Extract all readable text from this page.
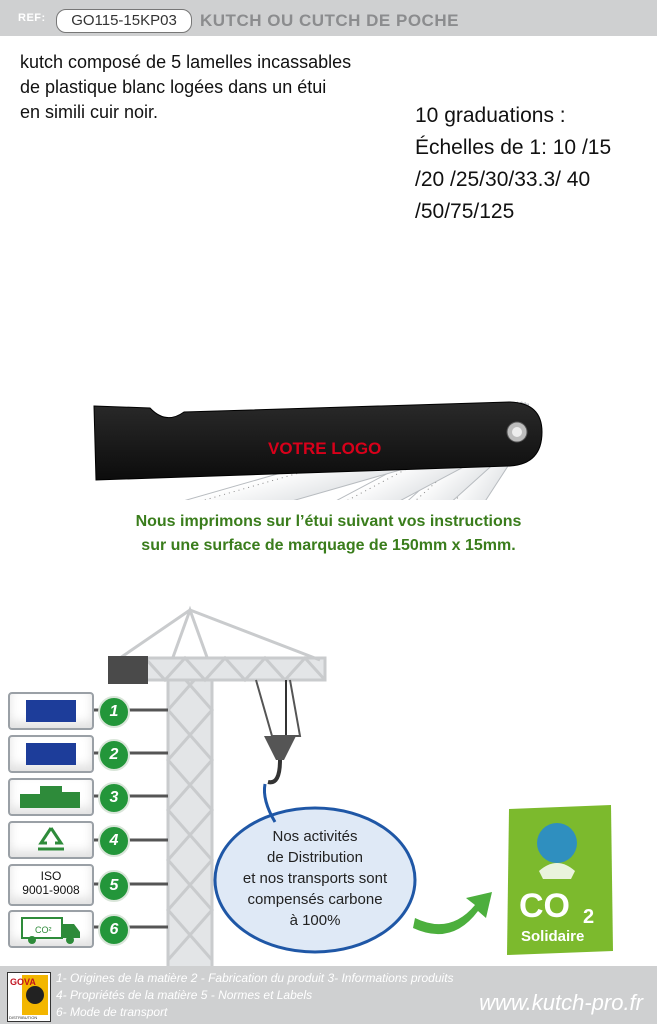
REF:	GO115-15KP03	KUTCH OU CUTCH DE POCHE
kutch composé de 5 lamelles incassables
de plastique blanc logées dans un étui
en simili cuir noir.	10 graduations :
Échelles de 1: 10 /15
/20 /25/30/33.3/ 40
/50/75/125
VOTRE LOGO
Nous imprimons sur l’étui suivant vos instructions
sur une surface de marquage de 150mm x 15mm.
1
2
3
4
ISO
9001-9008	5
CO²	6
Nos activités
de Distribution
et nos transports sont
compensés carbone
à 100%	CO 2
Solidaire
GOVA
DISTRIBUTION
1- Origines de la matière 2 - Fabrication du produit 3- Informations produits
4- Propriétés de la matière 5 - Normes et Labels
6- Mode de transport	www.kutch-pro.fr
